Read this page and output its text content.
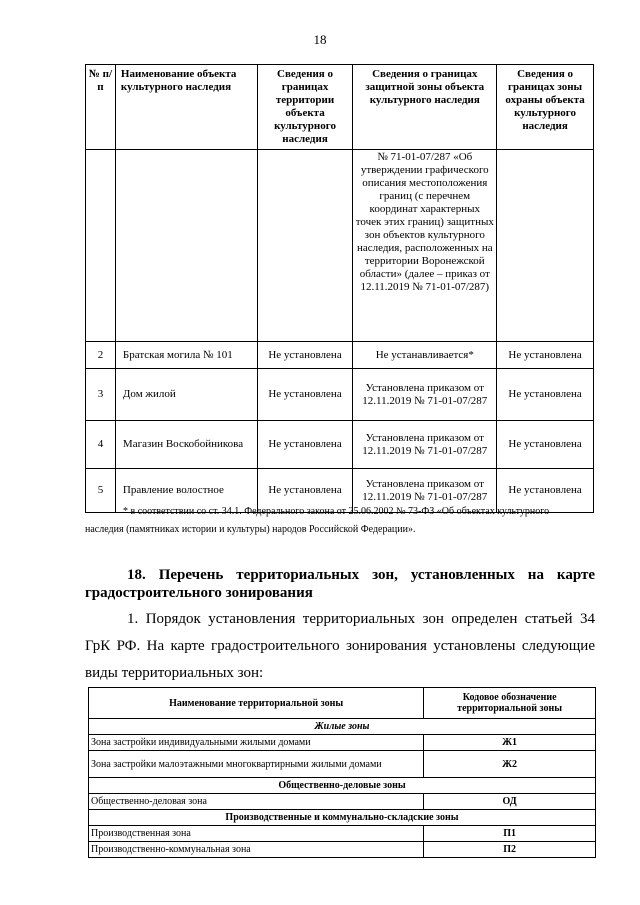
18
№ п/п	Наименование объекта культурного наследия	Сведения о границах территории объекта культурного наследия	Сведения о границах защитной зоны объекта культурного наследия	Сведения о границах зоны охраны объекта культурного наследия
			№ 71-01-07/287 «Об утверждении графического описания местоположения границ (с перечнем координат характерных точек этих границ) защитных зон объектов культурного наследия, расположенных на территории Воронежской области» (далее – приказ от 12.11.2019 № 71-01-07/287)	
2	Братская могила № 101	Не установлена	Не устанавливается*	Не установлена
3	Дом жилой	Не установлена	Установлена приказом от 12.11.2019 № 71-01-07/287	Не установлена
4	Магазин Воскобойникова	Не установлена	Установлена приказом от 12.11.2019 № 71-01-07/287	Не установлена
5	Правление волостное	Не установлена	Установлена приказом от 12.11.2019 № 71-01-07/287	Не установлена
* в соответствии со ст. 34.1. Федерального закона от 25.06.2002 № 73-ФЗ «Об объектах культурного
наследия (памятниках истории и культуры) народов Российской Федерации».
18. Перечень территориальных зон, установленных на карте
градостроительного зонирования
1. Порядок установления территориальных зон определен статьей 34
ГрК РФ. На карте градостроительного зонирования установлены следующие
виды территориальных зон:
Наименование территориальной зоны	Кодовое обозначение территориальной зоны
Жилые зоны	
Зона застройки индивидуальными жилыми домами	Ж1
Зона застройки малоэтажными многоквартирными жилыми домами	Ж2
Общественно-деловые зоны	
Общественно-деловая зона	ОД
Производственные и коммунально-складские зоны	
Производственная зона	П1
Производственно-коммунальная зона	П2
